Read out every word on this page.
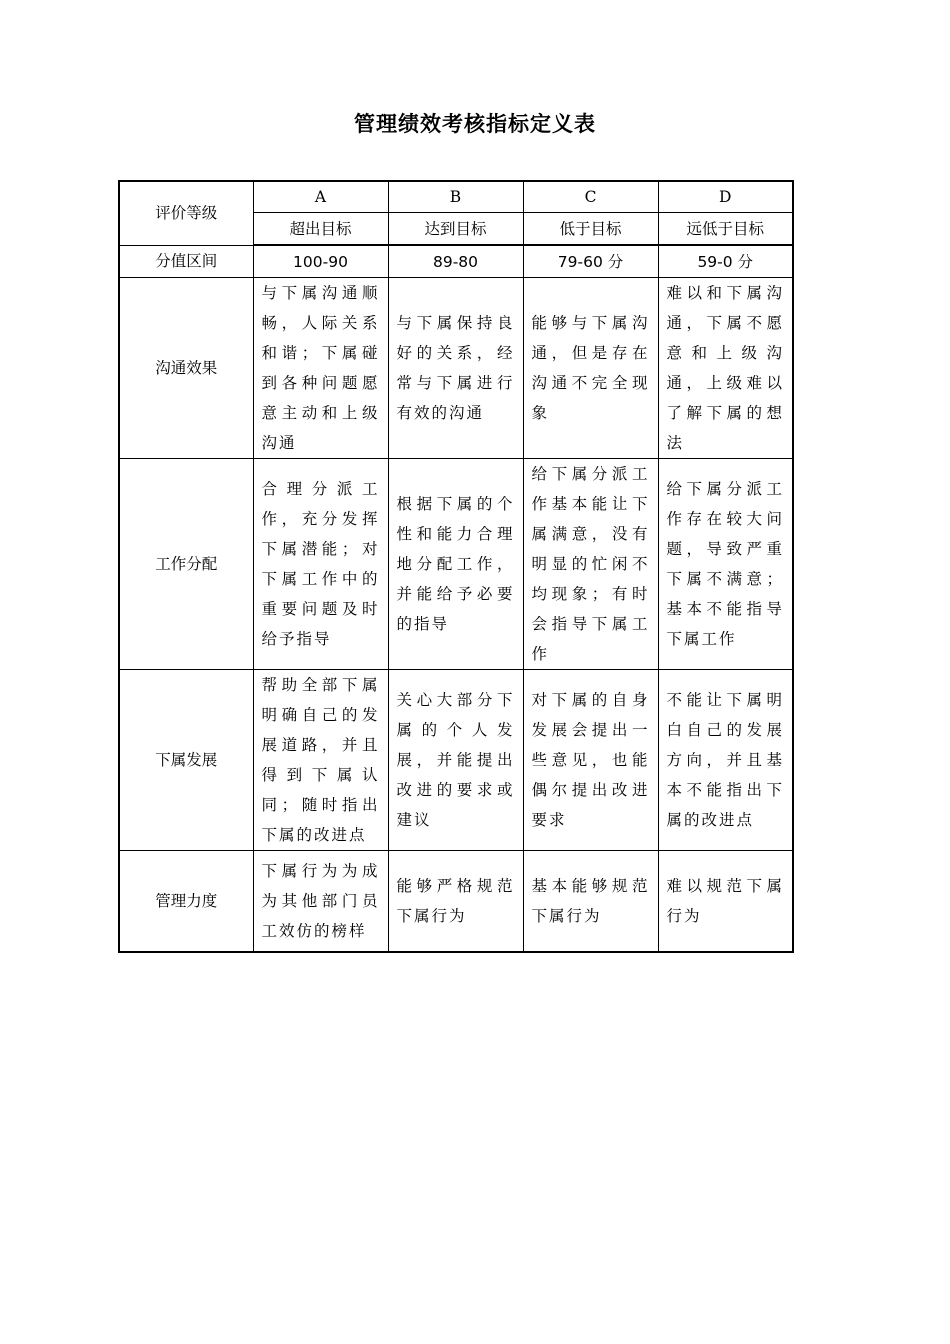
管理绩效考核指标定义表
评价等级	A	B	C	D
	超出目标	达到目标	低于目标	远低于目标
分值区间	100-90	89-80	79-60 分	59-0 分
沟通效果	与下属沟通顺畅，人际关系和谐；下属碰到各种问题愿意主动和上级沟通	与下属保持良好的关系，经常与下属进行有效的沟通	能够与下属沟通，但是存在沟通不完全现象	难以和下属沟通，下属不愿意和上级沟通，上级难以了解下属的想法
工作分配	合理分派工作，充分发挥下属潜能；对下属工作中的重要问题及时给予指导	根据下属的个性和能力合理地分配工作，并能给予必要的指导	给下属分派工作基本能让下属满意，没有明显的忙闲不均现象；有时会指导下属工作	给下属分派工作存在较大问题，导致严重下属不满意；基本不能指导下属工作
下属发展	帮助全部下属明确自己的发展道路，并且得到下属认同；随时指出下属的改进点	关心大部分下属的个人发展，并能提出改进的要求或建议	对下属的自身发展会提出一些意见，也能偶尔提出改进要求	不能让下属明白自己的发展方向，并且基本不能指出下属的改进点
管理力度	下属行为为成为其他部门员工效仿的榜样	能够严格规范下属行为	基本能够规范下属行为	难以规范下属行为
